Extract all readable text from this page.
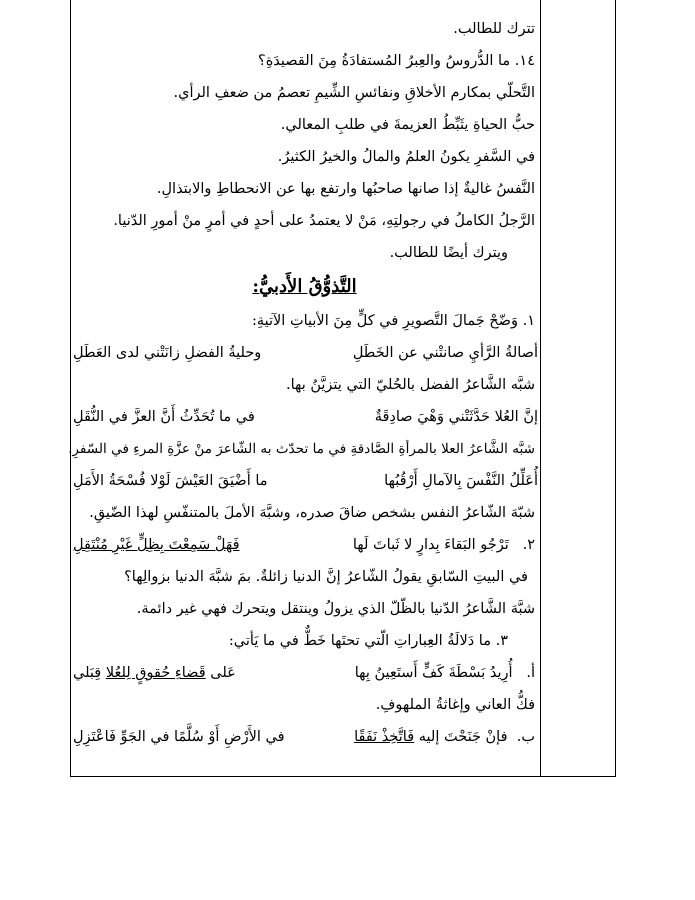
تترك للطالب.
١٤. ما الدُّروسُ والعِبرُ المُستفادَةُ مِنَ القصيدَةِ؟
التَّحلّي بمكارم الأخلاقِ ونفائسِ الشِّيمِ تعصمُ من ضعفِ الرأي.
حبُّ الحياةِ يثَبِّطُ العزيمةَ في طلبِ المعالي.
في السَّفرِ يكونُ العلمُ والمالُ والخيرُ الكثيرُ.
النَّفسُ غاليةٌ إذا صانها صاحبُها وارتفع بها عن الانحطاطِ والابتذالِ.
الرَّجلُ الكاملُ في رجولتِهِ، مَنْ لا يعتمدُ على أحدٍ في أمرٍ منْ أمورِ الدّنيا.
ويترك أيضًا للطالب.
التَّذوُّقُ الأَدبيُّ:
١. وَضّحْ جَمالَ التَّصويرِ في كلٍّ مِنَ الأبياتِ الآتيةِ:
أصالةُ الرَّأيِ صانتْني عن الخَطَلِ
وحليةُ الفضلِ زانَتْني لدى العَطَلِ
شبَّه الشَّاعرُ الفضل بالحُليّ التي يتزيَّنُ بها.
إنَّ العُلا حَدَّثَتْني وَهْيَ صادِقَةٌ
في ما تُحَدِّثُ أَنَّ العزَّ في النُّقَلِ
شبَّه الشَّاعرُ العلا بالمرأةِ الصَّادقةِ في ما تحدّث به الشّاعرَ منْ عزَّةِ المرءِ في السّفرِ.
أُعَلِّلُ النَّفْسَ بِالآمالِ أَرْقُبُها
ما أَضْيَقَ العَيْشَ لَوْلا فُسْحَةُ الأَمَلِ
شبّهَ الشّاعرُ النفس بشخص ضاقَ صدره، وشبَّهَ الأملَ بالمتنفّسِ لهذا الضّيقِ.
٢.   تَرْجُو البَقاءَ بِدارٍ لا ثَباتَ لَها
فَهَلْ سَمِعْتَ بِظِلٍّ غَيْرِ مُنْتَقِلِ
في البيتِ السّابقِ يقولُ الشّاعرُ إنَّ الدنيا زائلةٌ. بمَ شبَّهَ الدنيا بزوالِها؟
شبَّهَ الشَّاعرُ الدّنيا بالظّلّ الذي يزولُ وينتقل ويتحرك فهي غير دائمة.
٣. ما دَلالَةُ العِباراتِ الّتي تحتَها خَطٌّ في ما يَأتي:
أ.   أُرِيدُ بَسْطَةَ كَفٍّ أَستَعِينُ بِها
عَلى قَضاءِ حُقوقٍ لِلعُلا قِبَلي
فكُّ العاني وإغاثةُ الملهوفِ.
ب.  فإنْ جَنَحْتَ إليه فَاتَّخِذْ نَفَقًا
في الأَرْضِ أَوْ سُلَّمًا في الجَوِّ فَاعْتَزِلِ
